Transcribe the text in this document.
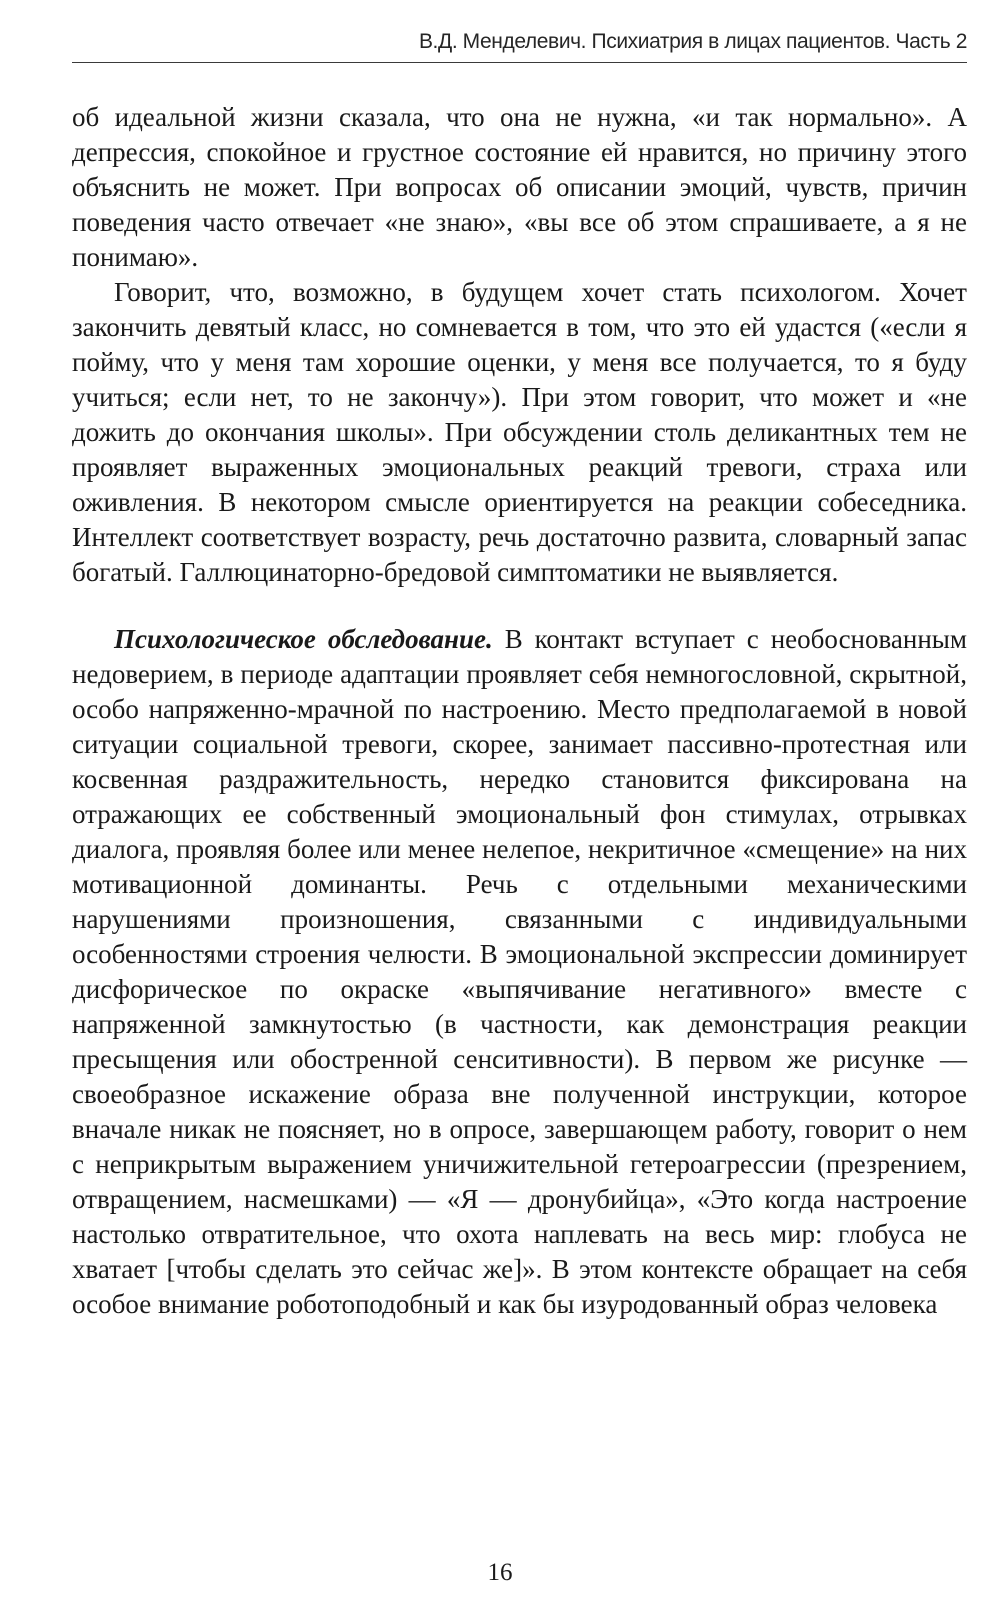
В.Д. Менделевич. Психиатрия в лицах пациентов. Часть 2

об идеальной жизни сказала, что она не нужна, «и так нормально». А депрессия, спокойное и грустное состояние ей нравится, но причину этого объяснить не может. При вопросах об описании эмоций, чувств, причин поведения часто отвечает «не знаю», «вы все об этом спрашиваете, а я не понимаю».

Говорит, что, возможно, в будущем хочет стать психологом. Хочет закончить девятый класс, но сомневается в том, что это ей удастся («если я пойму, что у меня там хорошие оценки, у меня все получается, то я буду учиться; если нет, то не закончу»). При этом говорит, что может и «не дожить до окончания школы». При обсуждении столь деликантных тем не проявляет выраженных эмоциональных реакций тревоги, страха или оживления. В некотором смысле ориентируется на реакции собеседника. Интеллект соответствует возрасту, речь достаточно развита, словарный запас богатый. Галлюцинаторно-бредовой симптоматики не выявляется.

Психологическое обследование. В контакт вступает с необоснованным недоверием, в периоде адаптации проявляет себя немногословной, скрытной, особо напряженно-мрачной по настроению. Место предполагаемой в новой ситуации социальной тревоги, скорее, занимает пассивно-протестная или косвенная раздражительность, нередко становится фиксирована на отражающих ее собственный эмоциональный фон стимулах, отрывках диалога, проявляя более или менее нелепое, некритичное «смещение» на них мотивационной доминанты. Речь с отдельными механическими нарушениями произношения, связанными с индивидуальными особенностями строения челюсти. В эмоциональной экспрессии доминирует дисфорическое по окраске «выпячивание негативного» вместе с напряженной замкнутостью (в частности, как демонстрация реакции пресыщения или обостренной сенситивности). В первом же рисунке — своеобразное искажение образа вне полученной инструкции, которое вначале никак не поясняет, но в опросе, завершающем работу, говорит о нем с неприкрытым выражением уничижительной гетероагрессии (презрением, отвращением, насмешками) — «Я — дронубийца», «Это когда настроение настолько отвратительное, что охота наплевать на весь мир: глобуса не хватает [чтобы сделать это сейчас же]». В этом контексте обращает на себя особое внимание роботоподобный и как бы изуродованный образ человека

16
